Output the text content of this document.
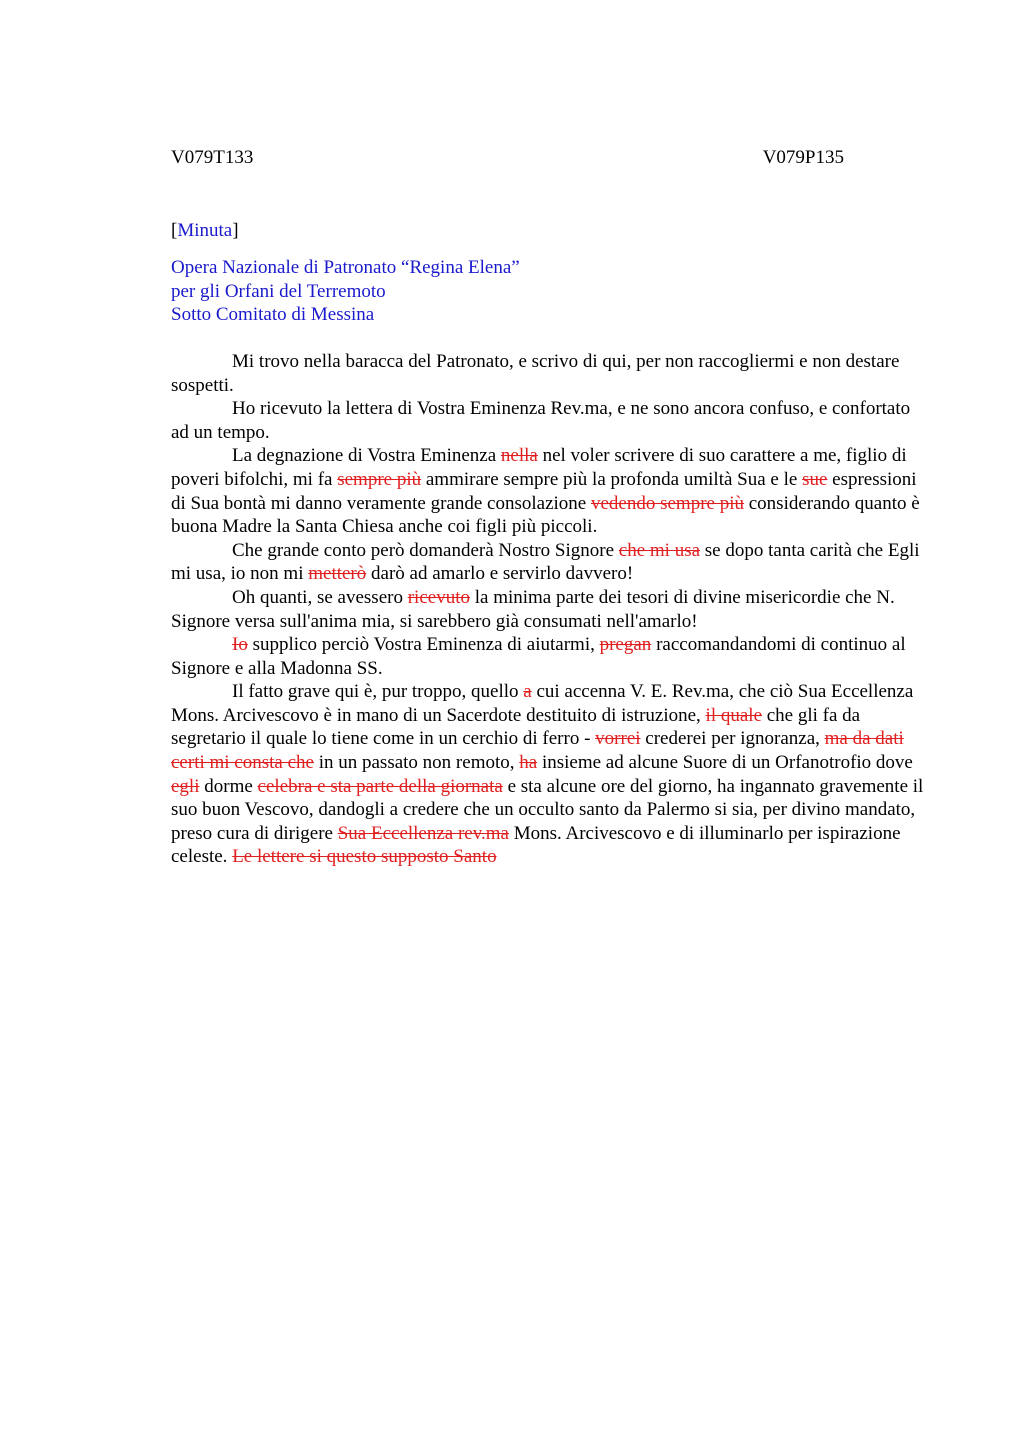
V079T133	V079P135
[Minuta]
Opera Nazionale di Patronato “Regina Elena”
per gli Orfani del Terremoto
Sotto Comitato di Messina

Mi trovo nella baracca del Patronato, e scrivo di qui, per non raccogliermi e non destare sospetti.

Ho ricevuto la lettera di Vostra Eminenza Rev.ma, e ne sono ancora confuso, e confortato ad un tempo.

La degnazione di Vostra Eminenza nella nel voler scrivere di suo carattere a me, figlio di poveri bifolchi, mi fa sempre più ammirare sempre più la profonda umiltà Sua e le sue espressioni di Sua bontà mi danno veramente grande consolazione vedendo sempre più considerando quanto è buona Madre la Santa Chiesa anche coi figli più piccoli.

Che grande conto però domanderà Nostro Signore che mi usa se dopo tanta carità che Egli mi usa, io non mi metterò darò ad amarlo e servirlo davvero!

Oh quanti, se avessero ricevuto la minima parte dei tesori di divine misericordie che N. Signore versa sull'anima mia, si sarebbero già consumati nell'amarlo!

Io supplico perciò Vostra Eminenza di aiutarmi, pregan raccomandandomi di continuo al Signore e alla Madonna SS.

Il fatto grave qui è, pur troppo, quello a cui accenna V. E. Rev.ma, che ciò Sua Eccellenza Mons. Arcivescovo è in mano di un Sacerdote destituito di istruzione, il quale che gli fa da segretario il quale lo tiene come in un cerchio di ferro - vorrei crederei per ignoranza, ma da dati certi mi consta che in un passato non remoto, ha insieme ad alcune Suore di un Orfanotrofio dove egli dorme celebra e sta parte della giornata e sta alcune ore del giorno, ha ingannato gravemente il suo buon Vescovo, dandogli a credere che un occulto santo da Palermo si sia, per divino mandato, preso cura di dirigere Sua Eccellenza rev.ma Mons. Arcivescovo e di illuminarlo per ispirazione celeste. Le lettere si questo supposto Santo
